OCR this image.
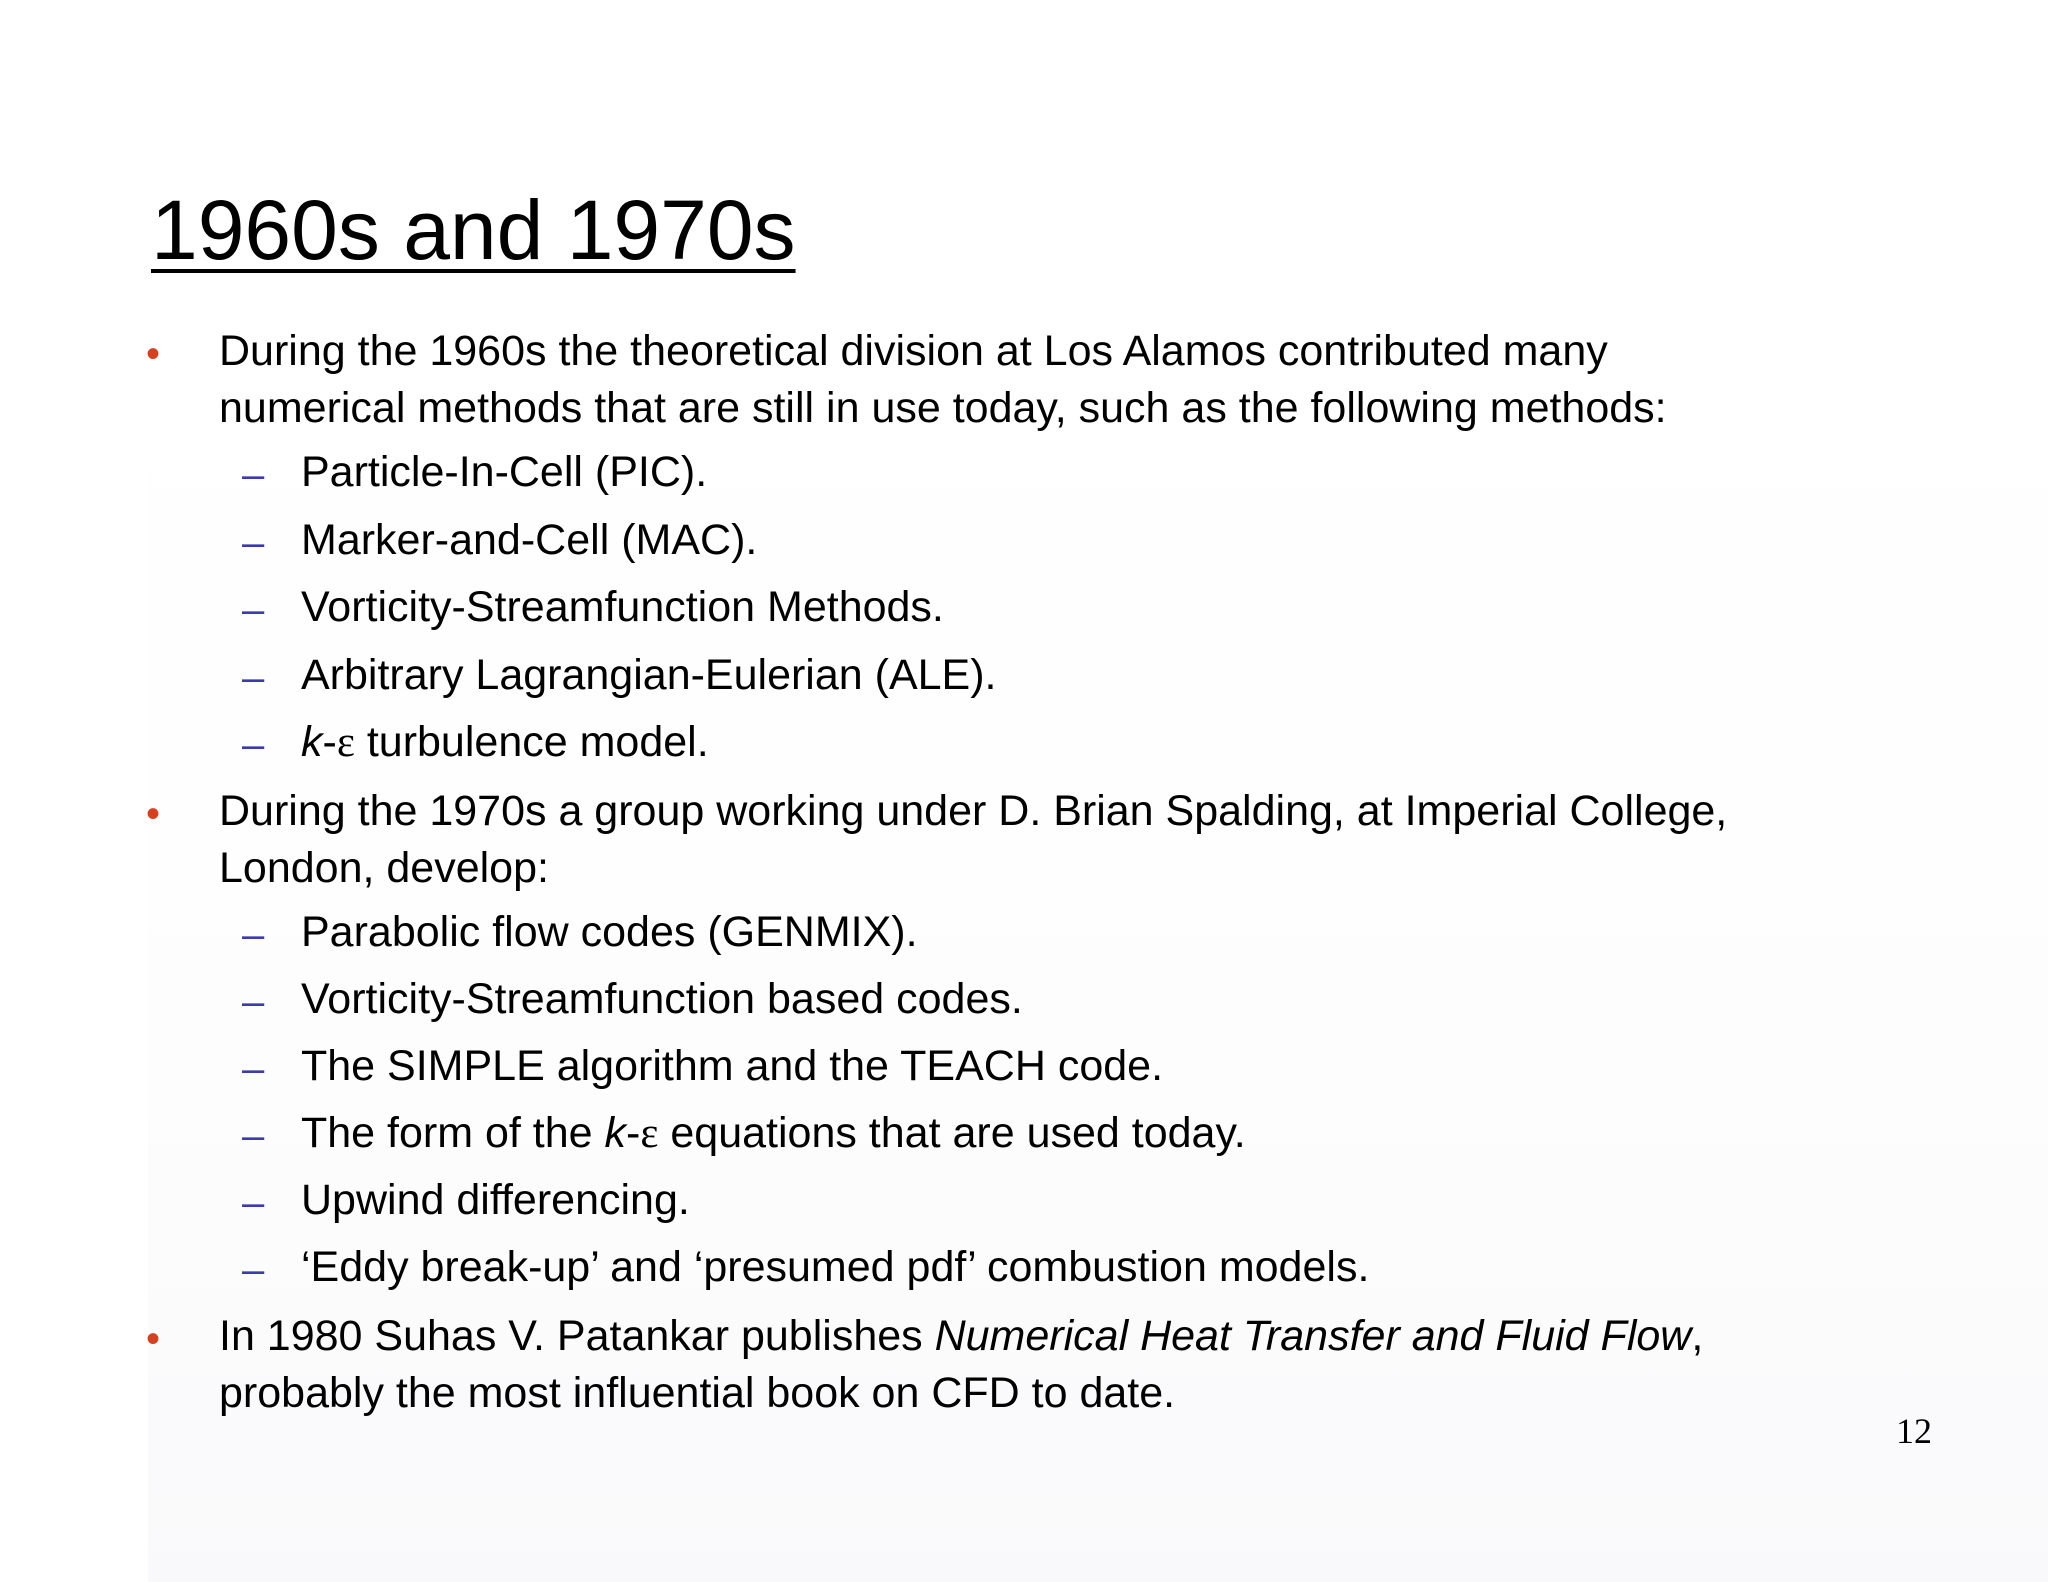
1960s and 1970s
• During the 1960s the theoretical division at Los Alamos contributed many

numerical methods that are still in use today, such as the following methods:

– Particle-In-Cell (PIC).

– Marker-and-Cell (MAC).

– Vorticity-Streamfunction Methods.

– Arbitrary Lagrangian-Eulerian (ALE).

– k-ε turbulence model.

• During the 1970s a group working under D. Brian Spalding, at Imperial College,

London, develop:

– Parabolic flow codes (GENMIX).

– Vorticity-Streamfunction based codes.

– The SIMPLE algorithm and the TEACH code.

– The form of the k-ε equations that are used today.

– Upwind differencing.

– ‘Eddy break-up’ and ‘presumed pdf’ combustion models.

• In 1980 Suhas V. Patankar publishes Numerical Heat Transfer and Fluid Flow,

probably the most influential book on CFD to date.

12
